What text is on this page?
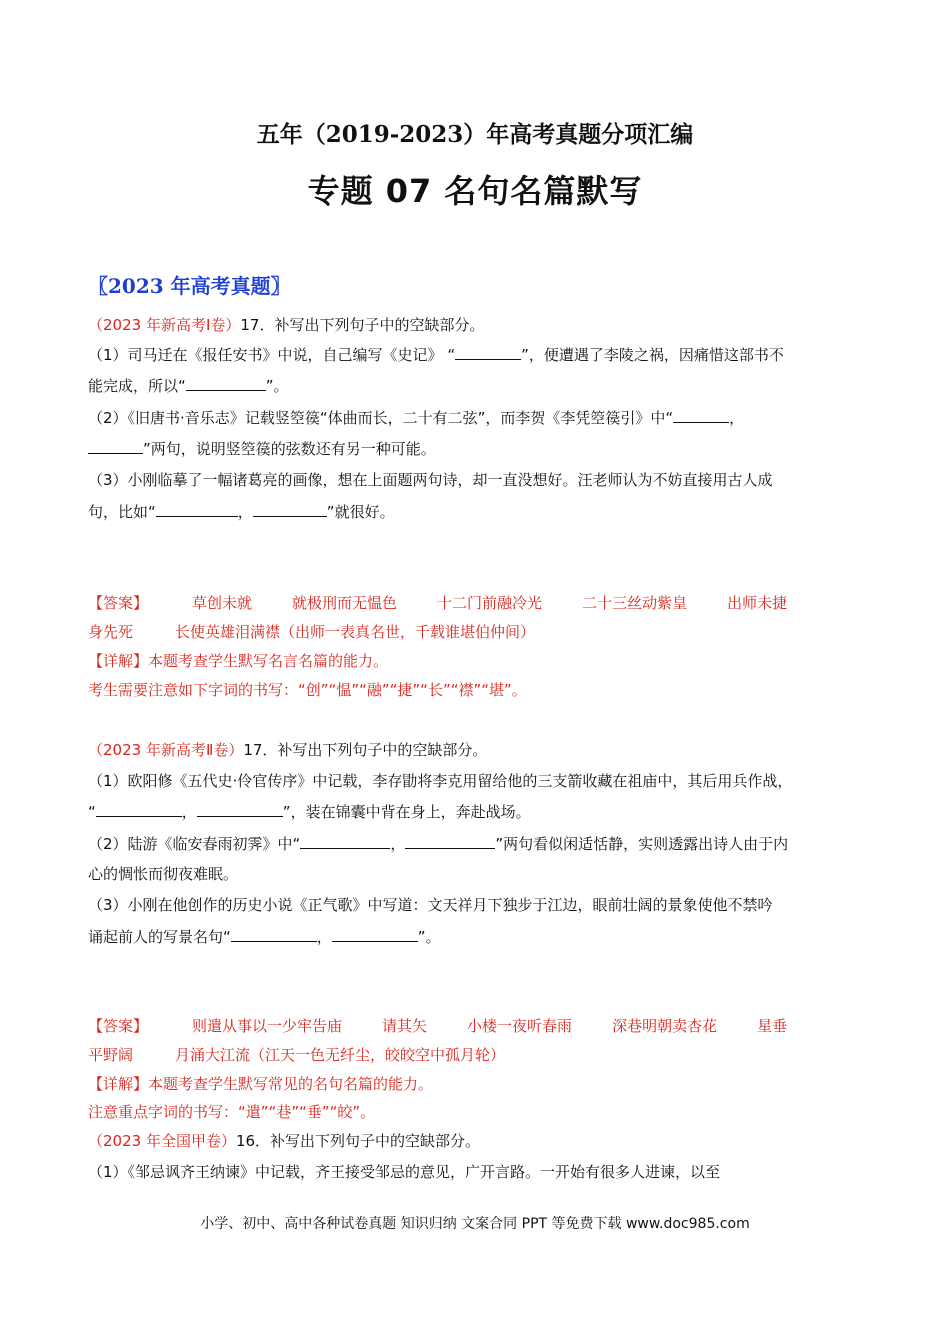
五年（2019-2023）年高考真题分项汇编
专题 07 名句名篇默写
〖2023 年高考真题〗
（2023 年新高考Ⅰ卷）17．补写出下列句子中的空缺部分。
（1）司马迁在《报任安书》中说，自己编写《史记》 “	”，便遭遇了李陵之祸，因痛惜这部书不
能完成，所以“	”。
（2）《旧唐书·音乐志》记载竖箜篌“体曲而长，二十有二弦”，而李贺《李凭箜篌引》中“	，
”两句，说明竖箜篌的弦数还有另一种可能。
（3）小刚临摹了一幅诸葛亮的画像，想在上面题两句诗，却一直没想好。汪老师认为不妨直接用古人成
句，比如“	，	”就很好。
【答案】	草创未就	就极刑而无愠色	十二门前融冷光	二十三丝动紫皇	出师未捷
身先死	长使英雄泪满襟（出师一表真名世，千载谁堪伯仲间）
【详解】本题考查学生默写名言名篇的能力。
考生需要注意如下字词的书写：“创”“愠”“融”“捷”“长”“襟”“堪”。
（2023 年新高考Ⅱ卷）17．补写出下列句子中的空缺部分。
（1）欧阳修《五代史·伶官传序》中记载，李存勖将李克用留给他的三支箭收藏在祖庙中，其后用兵作战，
“	，	”，装在锦囊中背在身上，奔赴战场。
（2）陆游《临安春雨初霁》中“	，	”两句看似闲适恬静，实则透露出诗人由于内
心的惆怅而彻夜难眠。
（3）小刚在他创作的历史小说《正气歌》中写道：文天祥月下独步于江边，眼前壮阔的景象使他不禁吟
诵起前人的写景名句“	，	”。
【答案】	则遣从事以一少牢告庙	请其矢	小楼一夜听春雨	深巷明朝卖杏花	星垂
平野阔	月涌大江流（江天一色无纤尘，皎皎空中孤月轮）
【详解】本题考查学生默写常见的名句名篇的能力。
注意重点字词的书写：“遣”“巷”“垂”“皎”。
（2023 年全国甲卷）16．补写出下列句子中的空缺部分。
（1）《邹忌讽齐王纳谏》中记载，齐王接受邹忌的意见，广开言路。一开始有很多人进谏，以至
小学、初中、高中各种试卷真题 知识归纳 文案合同 PPT 等免费下载 www.doc985.com
